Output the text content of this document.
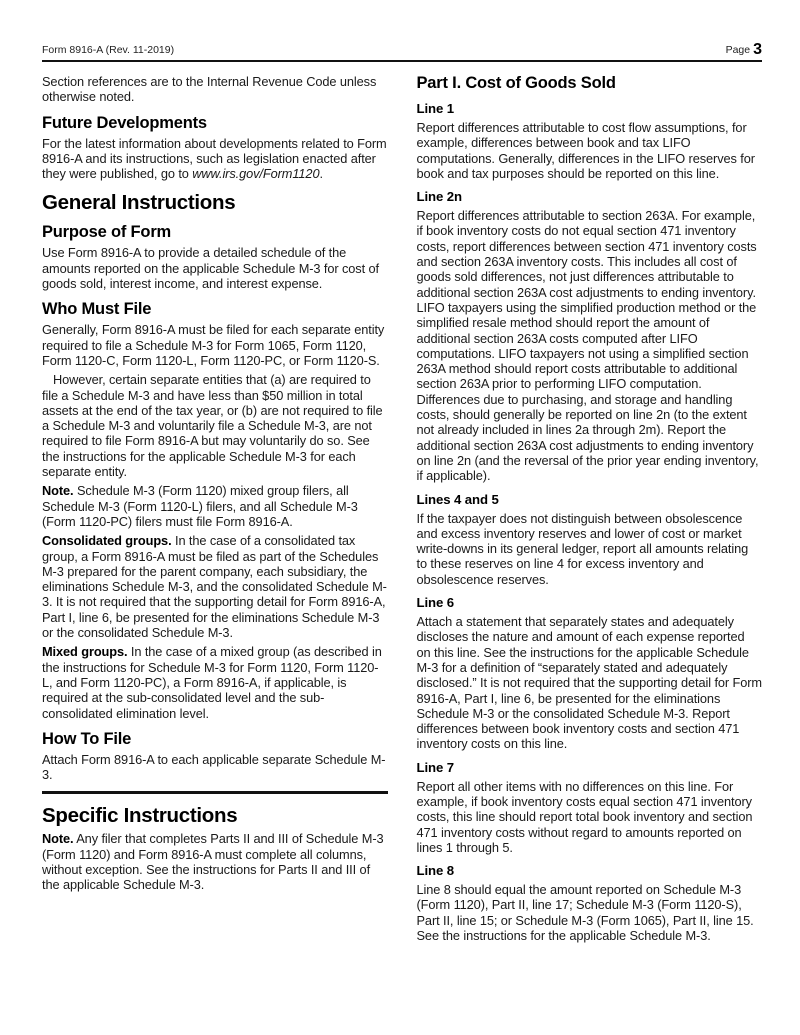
Form 8916-A (Rev. 11-2019)	Page 3

Section references are to the Internal Revenue Code unless otherwise noted.

Future Developments

For the latest information about developments related to Form 8916-A and its instructions, such as legislation enacted after they were published, go to www.irs.gov/Form1120.

General Instructions
Purpose of Form

Use Form 8916-A to provide a detailed schedule of the amounts reported on the applicable Schedule M-3 for cost of goods sold, interest income, and interest expense.

Who Must File

Generally, Form 8916-A must be filed for each separate entity required to file a Schedule M-3 for Form 1065, Form 1120, Form 1120-C, Form 1120-L, Form 1120-PC, or Form 1120-S.

However, certain separate entities that (a) are required to file a Schedule M-3 and have less than $50 million in total assets at the end of the tax year, or (b) are not required to file a Schedule M-3 and voluntarily file a Schedule M-3, are not required to file Form 8916-A but may voluntarily do so. See the instructions for the applicable Schedule M-3 for each separate entity.

Note. Schedule M-3 (Form 1120) mixed group filers, all Schedule M-3 (Form 1120-L) filers, and all Schedule M-3 (Form 1120-PC) filers must file Form 8916-A.

Consolidated groups. In the case of a consolidated tax group, a Form 8916-A must be filed as part of the Schedules M-3 prepared for the parent company, each subsidiary, the eliminations Schedule M-3, and the consolidated Schedule M-3. It is not required that the supporting detail for Form 8916-A, Part I, line 6, be presented for the eliminations Schedule M-3 or the consolidated Schedule M-3.

Mixed groups. In the case of a mixed group (as described in the instructions for Schedule M-3 for Form 1120, Form 1120-L, and Form 1120-PC), a Form 8916-A, if applicable, is required at the sub-consolidated level and the sub-consolidated elimination level.

How To File

Attach Form 8916-A to each applicable separate Schedule M-3.

Specific Instructions

Note. Any filer that completes Parts II and III of Schedule M-3 (Form 1120) and Form 8916-A must complete all columns, without exception. See the instructions for Parts II and III of the applicable Schedule M-3.

Part I. Cost of Goods Sold
Line 1

Report differences attributable to cost flow assumptions, for example, differences between book and tax LIFO computations. Generally, differences in the LIFO reserves for book and tax purposes should be reported on this line.

Line 2n

Report differences attributable to section 263A. For example, if book inventory costs do not equal section 471 inventory costs, report differences between section 471 inventory costs and section 263A inventory costs. This includes all cost of goods sold differences, not just differences attributable to additional section 263A cost adjustments to ending inventory. LIFO taxpayers using the simplified production method or the simplified resale method should report the amount of additional section 263A costs computed after LIFO computations. LIFO taxpayers not using a simplified section 263A method should report costs attributable to additional section 263A prior to performing LIFO computation. Differences due to purchasing, and storage and handling costs, should generally be reported on line 2n (to the extent not already included in lines 2a through 2m). Report the additional section 263A cost adjustments to ending inventory on line 2n (and the reversal of the prior year ending inventory, if applicable).

Lines 4 and 5

If the taxpayer does not distinguish between obsolescence and excess inventory reserves and lower of cost or market write-downs in its general ledger, report all amounts relating to these reserves on line 4 for excess inventory and obsolescence reserves.

Line 6

Attach a statement that separately states and adequately discloses the nature and amount of each expense reported on this line. See the instructions for the applicable Schedule M-3 for a definition of “separately stated and adequately disclosed.” It is not required that the supporting detail for Form 8916-A, Part I, line 6, be presented for the eliminations Schedule M-3 or the consolidated Schedule M-3. Report differences between book inventory costs and section 471 inventory costs on this line.

Line 7

Report all other items with no differences on this line. For example, if book inventory costs equal section 471 inventory costs, this line should report total book inventory and section 471 inventory costs without regard to amounts reported on lines 1 through 5.

Line 8

Line 8 should equal the amount reported on Schedule M-3 (Form 1120), Part II, line 17; Schedule M-3 (Form 1120-S), Part II, line 15; or Schedule M-3 (Form 1065), Part II, line 15. See the instructions for the applicable Schedule M-3.
